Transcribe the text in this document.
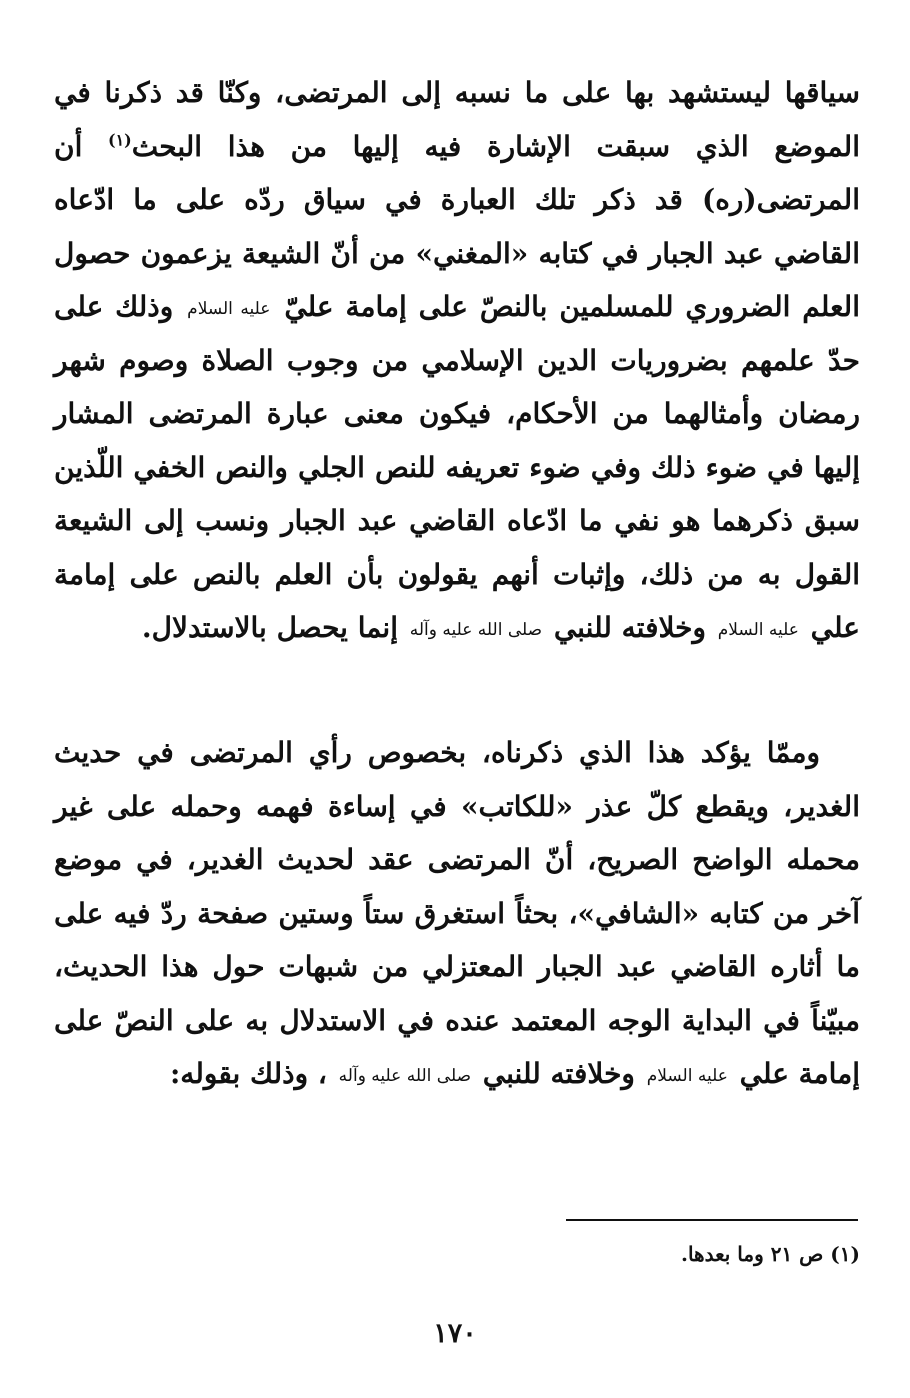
سياقها ليستشهد بها على ما نسبه إلى المرتضى، وكنّا قد ذكرنا في الموضع الذي سبقت الإشارة فيه إليها من هذا البحث$^{(١)}$ أن المرتضى(ره) قد ذكر تلك العبارة في سياق ردّه على ما ادّعاه القاضي عبد الجبار في كتابه «المغني» من أنّ الشيعة يزعمون حصول العلم الضروري للمسلمين بالنصّ على إمامة عليّ عليه السلام وذلك على حدّ علمهم بضروريات الدين الإسلامي من وجوب الصلاة وصوم شهر رمضان وأمثالهما من الأحكام، فيكون معنى عبارة المرتضى المشار إليها في ضوء ذلك وفي ضوء تعريفه للنص الجلي والنص الخفي اللّذين سبق ذكرهما هو نفي ما ادّعاه القاضي عبد الجبار ونسب إلى الشيعة القول به من ذلك، وإثبات أنهم يقولون بأن العلم بالنص على إمامة علي عليه السلام وخلافته للنبي صلى الله عليه وآله إنما يحصل بالاستدلال.

وممّا يؤكد هذا الذي ذكرناه، بخصوص رأي المرتضى في حديث الغدير، ويقطع كلّ عذر «للكاتب» في إساءة فهمه وحمله على غير محمله الواضح الصريح، أنّ المرتضى عقد لحديث الغدير، في موضع آخر من كتابه «الشافي»، بحثاً استغرق ستاً وستين صفحة ردّ فيه على ما أثاره القاضي عبد الجبار المعتزلي من شبهات حول هذا الحديث، مبيّناً في البداية الوجه المعتمد عنده في الاستدلال به على النصّ على إمامة علي عليه السلام وخلافته للنبي صلى الله عليه وآله ، وذلك بقوله:

(١) ص ٢١ وما بعدها.

١٧٠
